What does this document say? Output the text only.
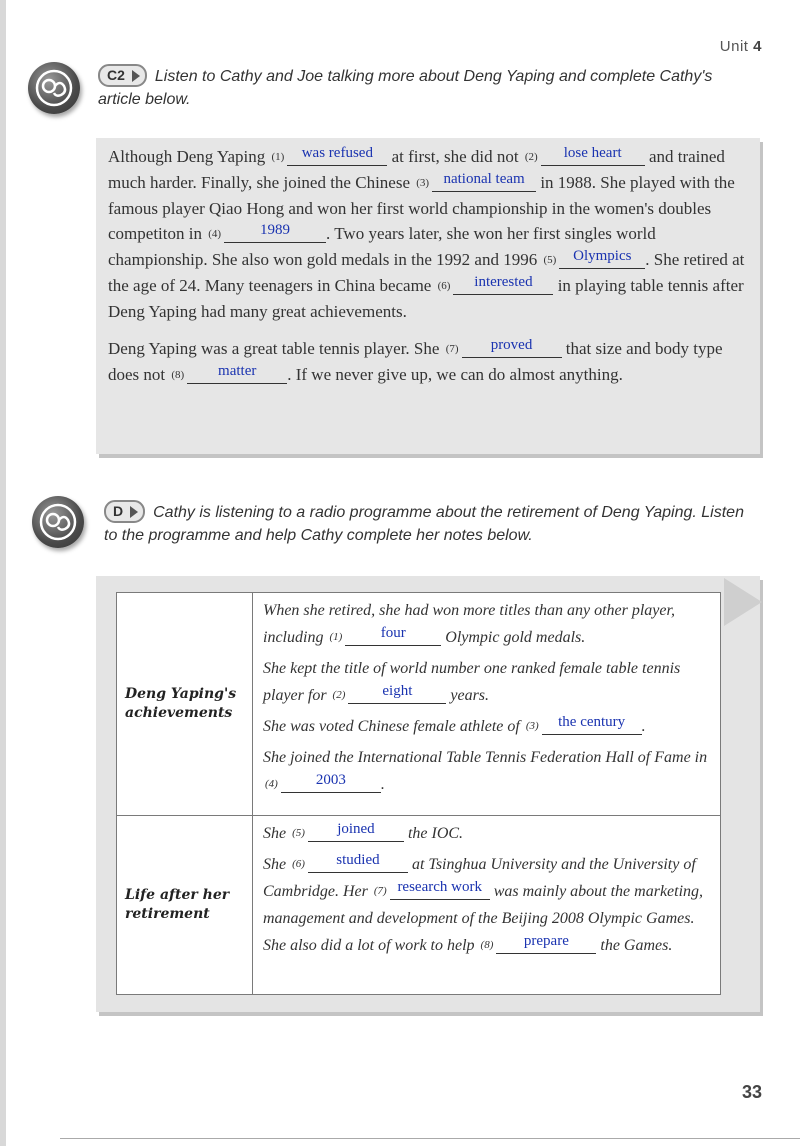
Unit 4
C2 Listen to Cathy and Joe talking more about Deng Yaping and complete Cathy's article below.

Although Deng Yaping (1) was refused at first, she did not (2) lose heart and trained much harder. Finally, she joined the Chinese (3) national team in 1988. She played with the famous player Qiao Hong and won her first world championship in the women's doubles competiton in (4)	1989 . Two years later, she won her first singles world championship. She also won gold medals in the 1992 and 1996 (5) Olympics . She retired at the age of 24. Many teenagers in China became (6) interested in playing table tennis after Deng Yaping had many great achievements.

Deng Yaping was a great table tennis player. She (7) proved that size and body type does not (8) matter . If we never give up, we can do almost anything.

D Cathy is listening to a radio programme about the retirement of Deng Yaping. Listen to the programme and help Cathy complete her notes below.
Deng Yaping's achievements	When she retired, she had won more titles than any other player, including (1) four Olympic gold medals.

She kept the title of world number one ranked female table tennis player for (2) eight years.

She was voted Chinese female athlete of (3) the century .

She joined the International Table Tennis Federation Hall of Fame in (4) 2003 .

Life after her retirement	She (5) joined the IOC.

She (6) studied at Tsinghua University and the University of Cambridge. Her (7) research work was mainly about the marketing, management and development of the Beijing 2008 Olympic Games. She also did a lot of work to help (8) prepare the Games.

33
